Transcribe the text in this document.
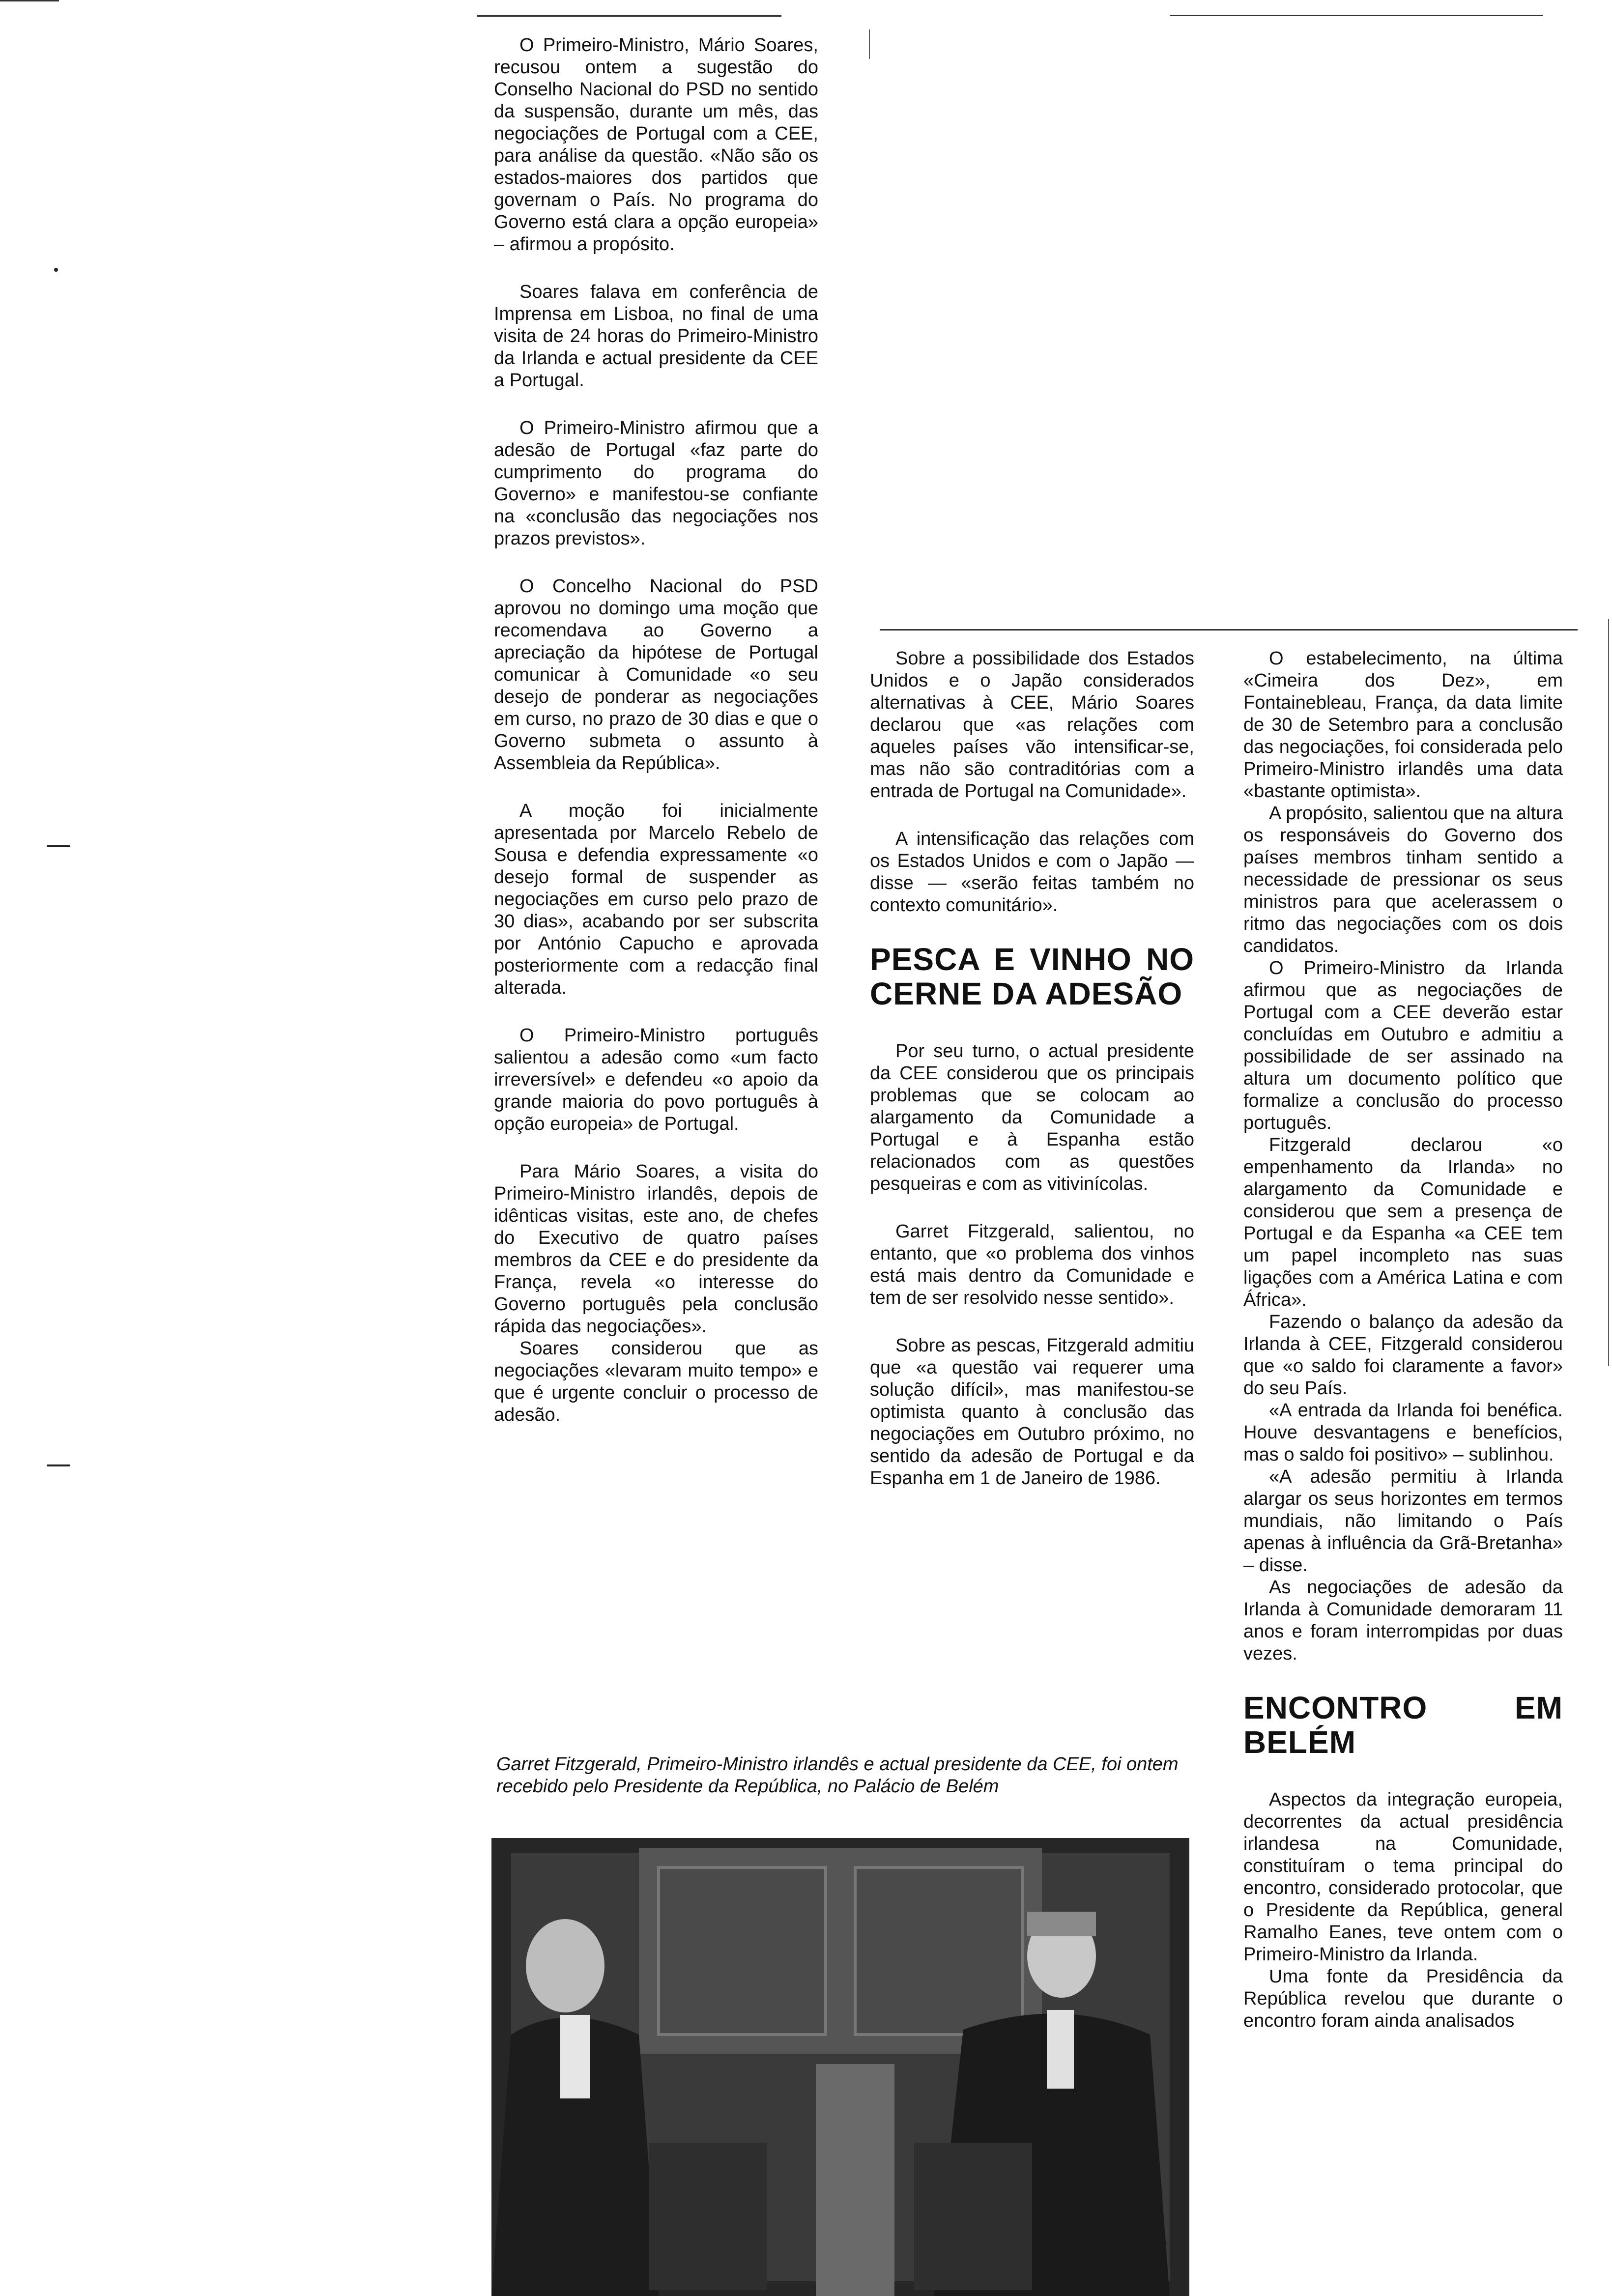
O Primeiro-Ministro, Mário Soares, recusou ontem a sugestão do Conselho Nacional do PSD no sentido da suspensão, durante um mês, das negociações de Portugal com a CEE, para análise da questão. «Não são os estados-maiores dos partidos que governam o País. No programa do Governo está clara a opção europeia» – afirmou a propósito.

Soares falava em conferência de Imprensa em Lisboa, no final de uma visita de 24 horas do Primeiro-Ministro da Irlanda e actual presidente da CEE a Portugal.

O Primeiro-Ministro afirmou que a adesão de Portugal «faz parte do cumprimento do programa do Governo» e manifestou-se confiante na «conclusão das negociações nos prazos previstos».

O Concelho Nacional do PSD aprovou no domingo uma moção que recomendava ao Governo a apreciação da hipótese de Portugal comunicar à Comunidade «o seu desejo de ponderar as negociações em curso, no prazo de 30 dias e que o Governo submeta o assunto à Assembleia da República».

A moção foi inicialmente apresentada por Marcelo Rebelo de Sousa e defendia expressamente «o desejo formal de suspender as negociações em curso pelo prazo de 30 dias», acabando por ser subscrita por António Capucho e aprovada posteriormente com a redacção final alterada.

O Primeiro-Ministro português salientou a adesão como «um facto irreversível» e defendeu «o apoio da grande maioria do povo português à opção europeia» de Portugal.

Para Mário Soares, a visita do Primeiro-Ministro irlandês, depois de idênticas visitas, este ano, de chefes do Executivo de quatro países membros da CEE e do presidente da França, revela «o interesse do Governo português pela conclusão rápida das negociações».

Soares considerou que as negociações «levaram muito tempo» e que é urgente concluir o processo de adesão.

Sobre a possibilidade dos Estados Unidos e o Japão considerados alternativas à CEE, Mário Soares declarou que «as relações com aqueles países vão intensificar-se, mas não são contraditórias com a entrada de Portugal na Comunidade».

A intensificação das relações com os Estados Unidos e com o Japão — disse — «serão feitas também no contexto comunitário».

PESCA E VINHO NO CERNE DA ADESÃO

Por seu turno, o actual presidente da CEE considerou que os principais problemas que se colocam ao alargamento da Comunidade a Portugal e à Espanha estão relacionados com as questões pesqueiras e com as vitivinícolas.

Garret Fitzgerald, salientou, no entanto, que «o problema dos vinhos está mais dentro da Comunidade e tem de ser resolvido nesse sentido».

Sobre as pescas, Fitzgerald admitiu que «a questão vai requerer uma solução difícil», mas manifestou-se optimista quanto à conclusão das negociações em Outubro próximo, no sentido da adesão de Portugal e da Espanha em 1 de Janeiro de 1986.

O estabelecimento, na última «Cimeira dos Dez», em Fontainebleau, França, da data limite de 30 de Setembro para a conclusão das negociações, foi considerada pelo Primeiro-Ministro irlandês uma data «bastante optimista».

A propósito, salientou que na altura os responsáveis do Governo dos países membros tinham sentido a necessidade de pressionar os seus ministros para que acelerassem o ritmo das negociações com os dois candidatos.

O Primeiro-Ministro da Irlanda afirmou que as negociações de Portugal com a CEE deverão estar concluídas em Outubro e admitiu a possibilidade de ser assinado na altura um documento político que formalize a conclusão do processo português.

Fitzgerald declarou «o empenhamento da Irlanda» no alargamento da Comunidade e considerou que sem a presença de Portugal e da Espanha «a CEE tem um papel incompleto nas suas ligações com a América Latina e com África».

Fazendo o balanço da adesão da Irlanda à CEE, Fitzgerald considerou que «o saldo foi claramente a favor» do seu País.

«A entrada da Irlanda foi benéfica. Houve desvantagens e benefícios, mas o saldo foi positivo» – sublinhou.

«A adesão permitiu à Irlanda alargar os seus horizontes em termos mundiais, não limitando o País apenas à influência da Grã-Bretanha» – disse.

As negociações de adesão da Irlanda à Comunidade demoraram 11 anos e foram interrompidas por duas vezes.

ENCONTRO EM BELÉM

Aspectos da integração europeia, decorrentes da actual presidência irlandesa na Comunidade, constituíram o tema principal do encontro, considerado protocolar, que o Presidente da República, general Ramalho Eanes, teve ontem com o Primeiro-Ministro da Irlanda.

Uma fonte da Presidência da República revelou que durante o encontro foram ainda analisados

Garret Fitzgerald, Primeiro-Ministro irlandês e actual presidente da CEE, foi ontem recebido pelo Presidente da República, no Palácio de Belém
